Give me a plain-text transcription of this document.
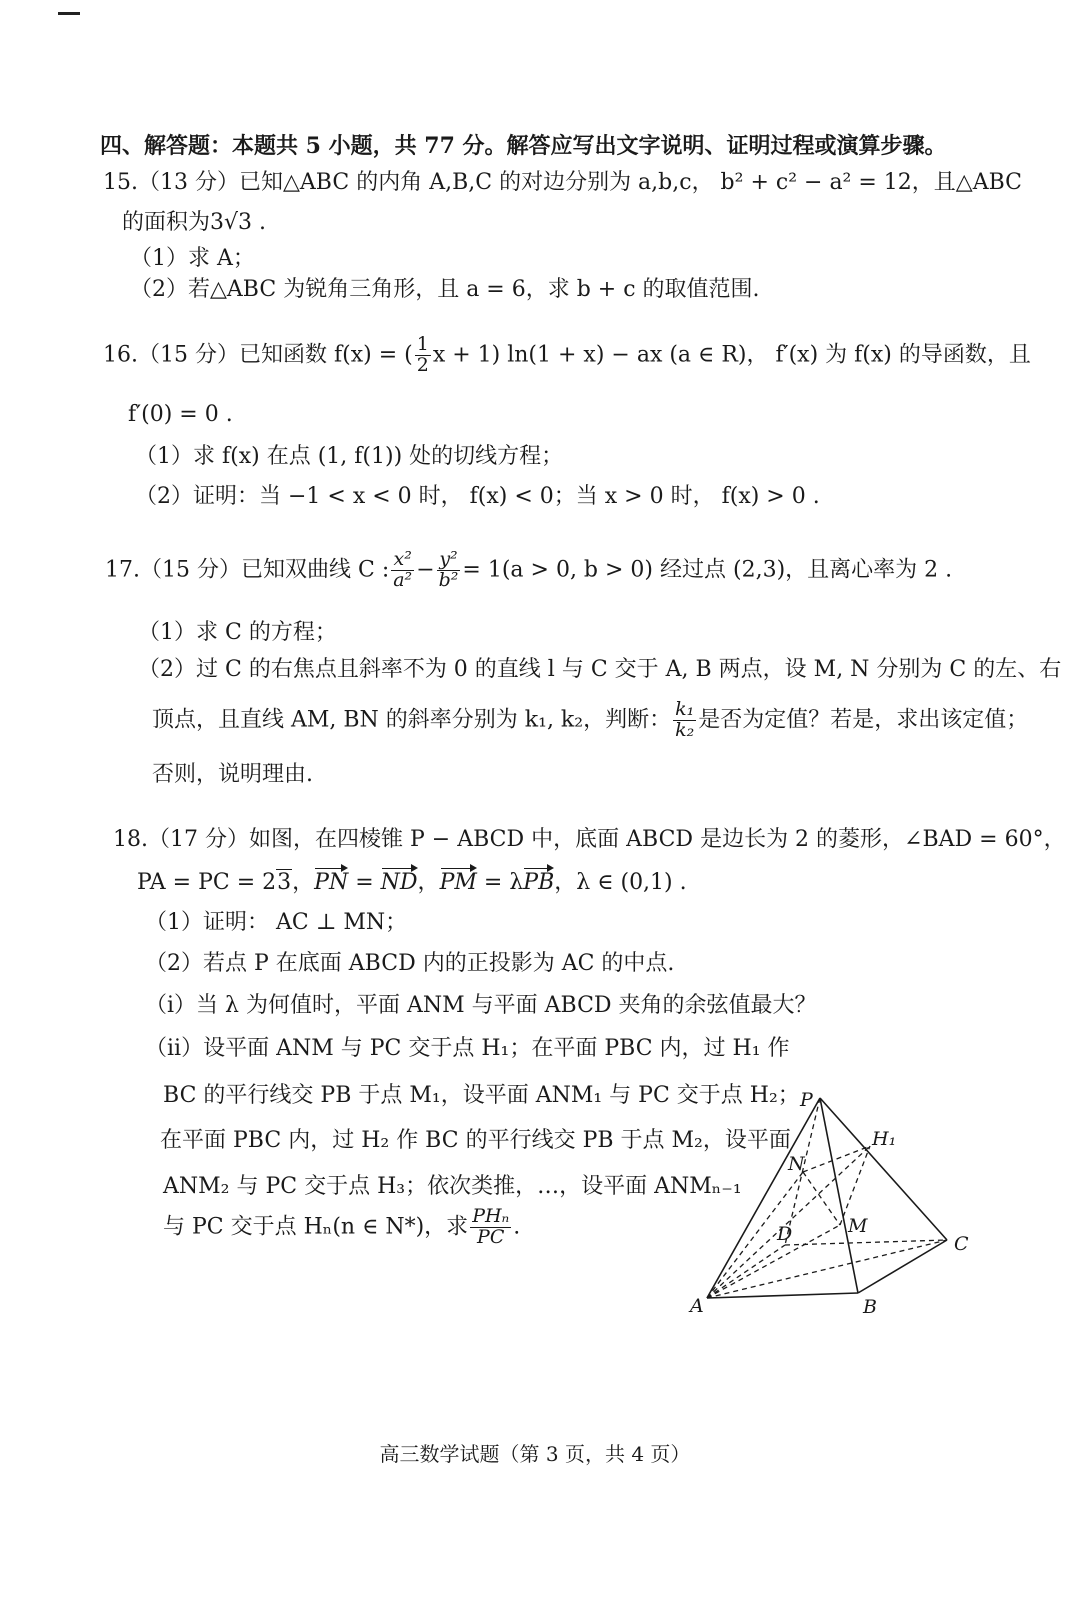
四、解答题：本题共 5 小题，共 77 分。解答应写出文字说明、证明过程或演算步骤。
15.（13 分）已知△ABC 的内角 A,B,C 的对边分别为 a,b,c， b² + c² − a² = 12，且△ABC
的面积为3√3 .
（1）求 A；
（2）若△ABC 为锐角三角形，且 a = 6，求 b + c 的取值范围.
16.（15 分）已知函数 f(x) = ( $\frac{1}{2}$ x + 1) ln(1 + x) − ax (a ∈ R)， f′(x) 为 f(x) 的导函数，且
f′(0) = 0 .
（1）求 f(x) 在点 (1, f(1)) 处的切线方程；
（2）证明：当 −1 < x < 0 时， f(x) < 0；当 x > 0 时， f(x) > 0 .
17.（15 分）已知双曲线 C : $\frac{\text{x²}}{\text{a²}} - \frac{\text{y²}}{\text{b²}} = 1(a > 0$, b > 0) 经过点 (2,3)，且离心率为 2 .
（1）求 C 的方程；
（2）过 C 的右焦点且斜率不为 0 的直线 l 与 C 交于 A, B 两点，设 M, N 分别为 C 的左、右
顶点，且直线 AM, BN 的斜率分别为 k₁, k₂，判断： $\frac{\text{k₁}}{\text{k₂}}$ 是否为定值？若是，求出该定值；
否则，说明理由.
18.（17 分）如图，在四棱锥 P − ABCD 中，底面 ABCD 是边长为 2 的菱形，∠BAD = 60°，
PA = PC = 23，PN = ND，PM = λPB，λ ∈ (0,1) .
（1）证明： AC ⊥ MN；
（2）若点 P 在底面 ABCD 内的正投影为 AC 的中点.
（ⅰ）当 λ 为何值时，平面 ANM 与平面 ABCD 夹角的余弦值最大？
（ⅱ）设平面 ANM 与 PC 交于点 H₁；在平面 PBC 内，过 H₁ 作
BC 的平行线交 PB 于点 M₁，设平面 ANM₁ 与 PC 交于点 H₂；
在平面 PBC 内，过 H₂ 作 BC 的平行线交 PB 于点 M₂，设平面
ANM₂ 与 PC 交于点 H₃；依次类推，…，设平面 ANMₙ₋₁
与 PC 交于点 Hₙ(n ∈ N*)，求 $\frac{\text{PHₙ}}{PC}$ .
P
A	B
C
D	M
N
H₁
高三数学试题（第 3 页，共 4 页）
